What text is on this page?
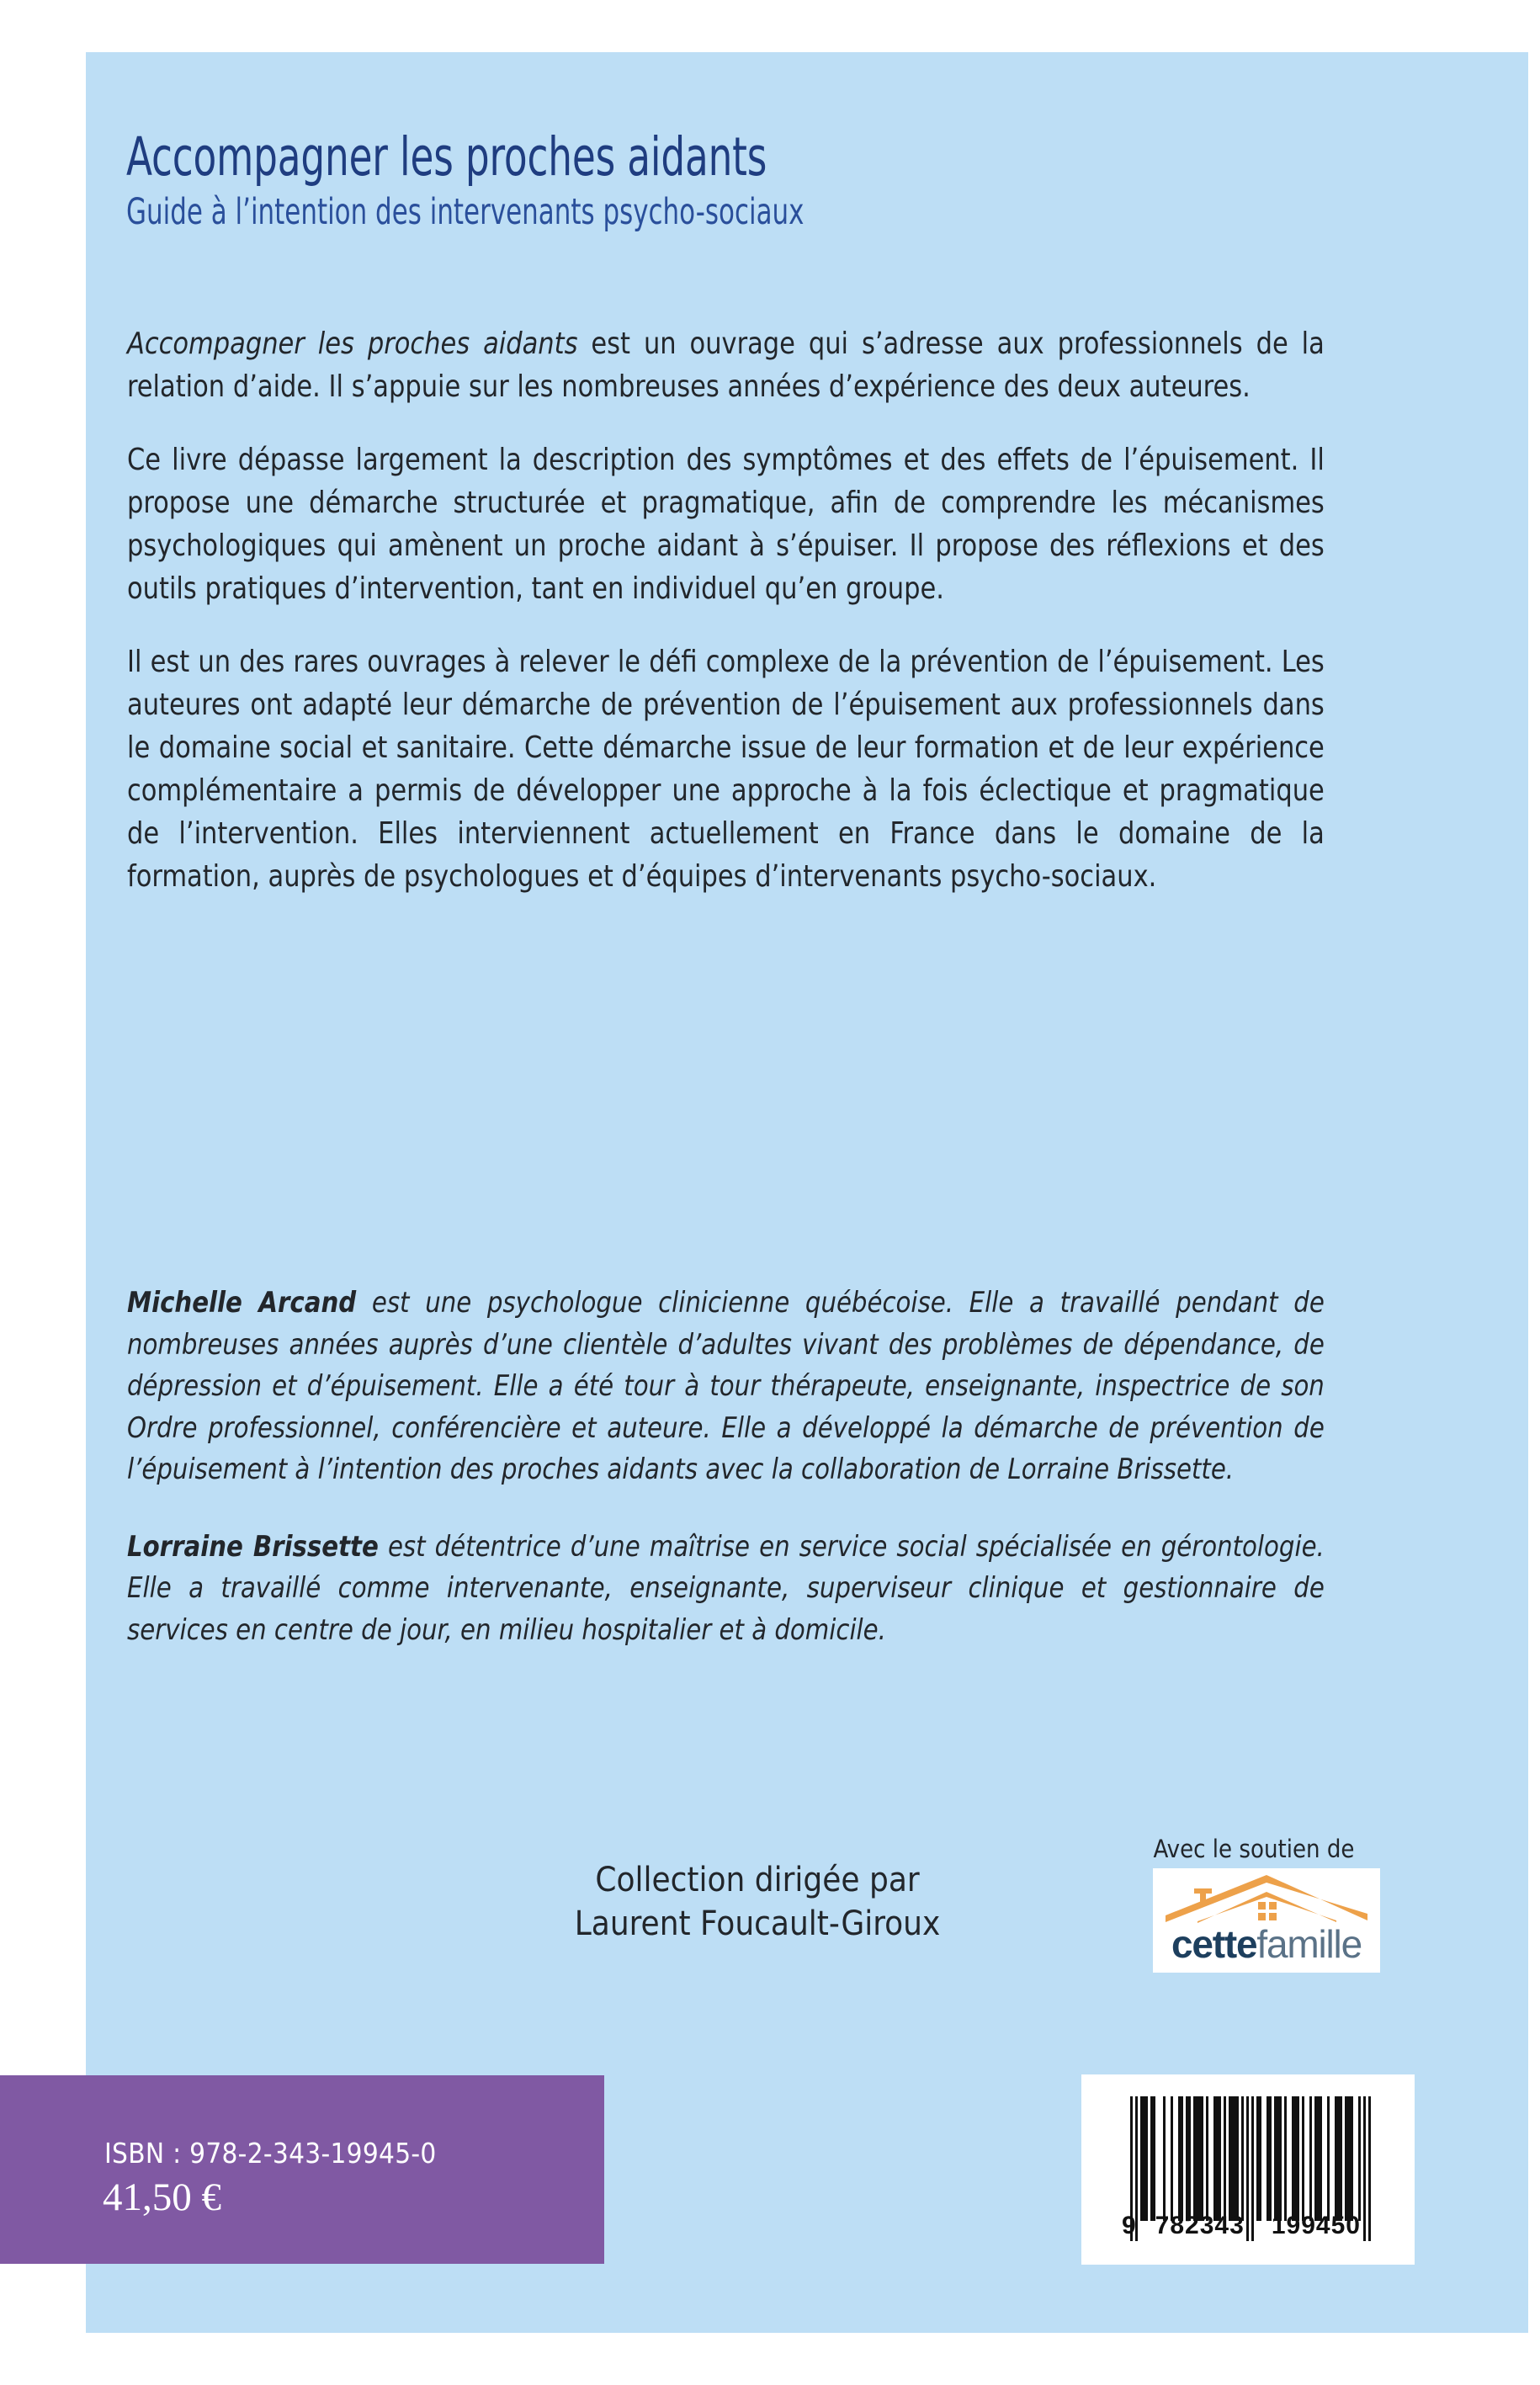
Accompagner les proches aidants
Guide à l’intention des intervenants psycho-sociaux

Accompagner les proches aidants est un ouvrage qui s’adresse aux professionnels de la relation d’aide. Il s’appuie sur les nombreuses années d’expérience des deux auteures.

Ce livre dépasse largement la description des symptômes et des effets de l’épuisement. Il propose une démarche structurée et pragmatique, afin de comprendre les mécanismes psychologiques qui amènent un proche aidant à s’épuiser. Il propose des réflexions et des outils pratiques d’intervention, tant en individuel qu’en groupe.

Il est un des rares ouvrages à relever le défi complexe de la prévention de l’épuisement. Les auteures ont adapté leur démarche de prévention de l’épuisement aux professionnels dans le domaine social et sanitaire. Cette démarche issue de leur formation et de leur expérience complémentaire a permis de développer une approche à la fois éclectique et pragmatique de l’intervention. Elles interviennent actuellement en France dans le domaine de la formation, auprès de psychologues et d’équipes d’intervenants psycho-sociaux.

Michelle Arcand est une psychologue clinicienne québécoise. Elle a travaillé pendant de nombreuses années auprès d’une clientèle d’adultes vivant des problèmes de dépendance, de dépression et d’épuisement. Elle a été tour à tour thérapeute, enseignante, inspectrice de son Ordre professionnel, conférencière et auteure. Elle a développé la démarche de prévention de l’épuisement à l’intention des proches aidants avec la collaboration de Lorraine Brissette.

Lorraine Brissette est détentrice d’une maîtrise en service social spécialisée en gérontologie. Elle a travaillé comme intervenante, enseignante, superviseur clinique et gestionnaire de services en centre de jour, en milieu hospitalier et à domicile.

Collection dirigée par
Laurent Foucault-Giroux
Avec le soutien de
cettefamille
ISBN : 978-2-343-19945-0
41,50 €
9 782343	199450
